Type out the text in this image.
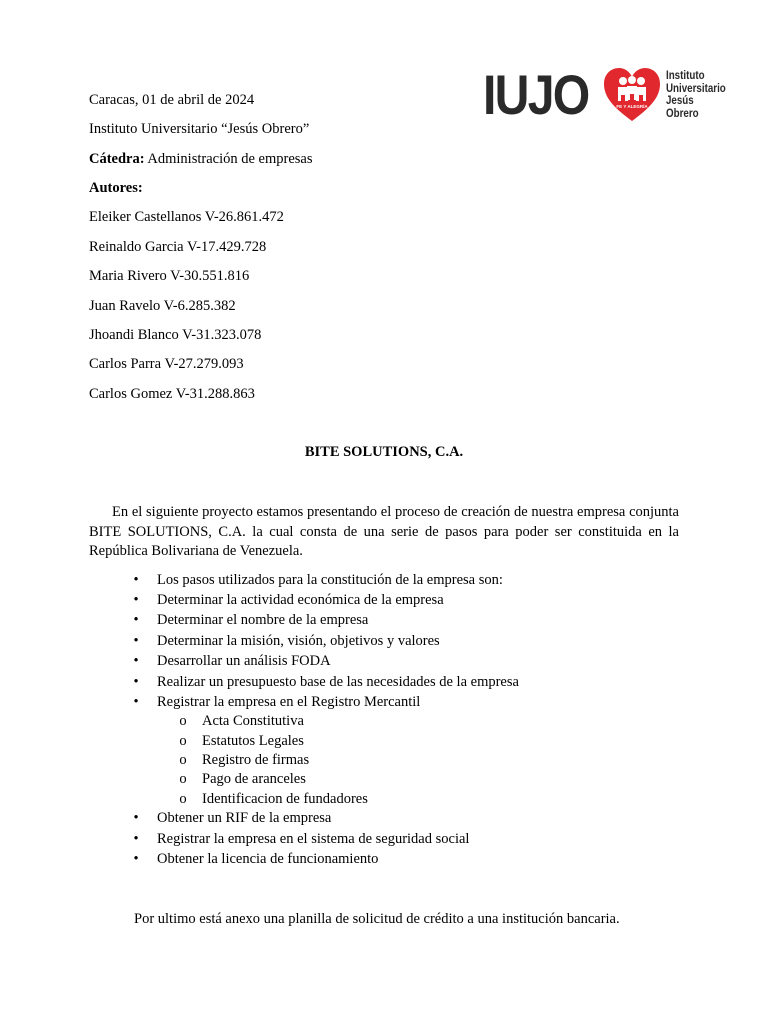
IUJO	FE Y ALEGRÍA
Instituto
Universitario
Jesús
Obrero
Caracas, 01 de abril de 2024
Instituto Universitario “Jesús Obrero”
Cátedra: Administración de empresas
Autores:
Eleiker Castellanos V-26.861.472
Reinaldo Garcia V-17.429.728
Maria Rivero V-30.551.816
Juan Ravelo V-6.285.382
Jhoandi Blanco V-31.323.078
Carlos Parra V-27.279.093
Carlos Gomez V-31.288.863
BITE SOLUTIONS, C.A.
En el siguiente proyecto estamos presentando el proceso de creación de nuestra empresa conjunta BITE SOLUTIONS, C.A. la cual consta de una serie de pasos para poder ser constituida en la República Bolivariana de Venezuela.
•	Los pasos utilizados para la constitución de la empresa son:
•	Determinar la actividad económica de la empresa
•	Determinar el nombre de la empresa
•	Determinar la misión, visión, objetivos y valores
•	Desarrollar un análisis FODA
•	Realizar un presupuesto base de las necesidades de la empresa
•	Registrar la empresa en el Registro Mercantil
o	Acta Constitutiva
o	Estatutos Legales
o	Registro de firmas
o	Pago de aranceles
o	Identificacion de fundadores
•	Obtener un RIF de la empresa
•	Registrar la empresa en el sistema de seguridad social
•	Obtener la licencia de funcionamiento
Por ultimo está anexo una planilla de solicitud de crédito a una institución bancaria.
